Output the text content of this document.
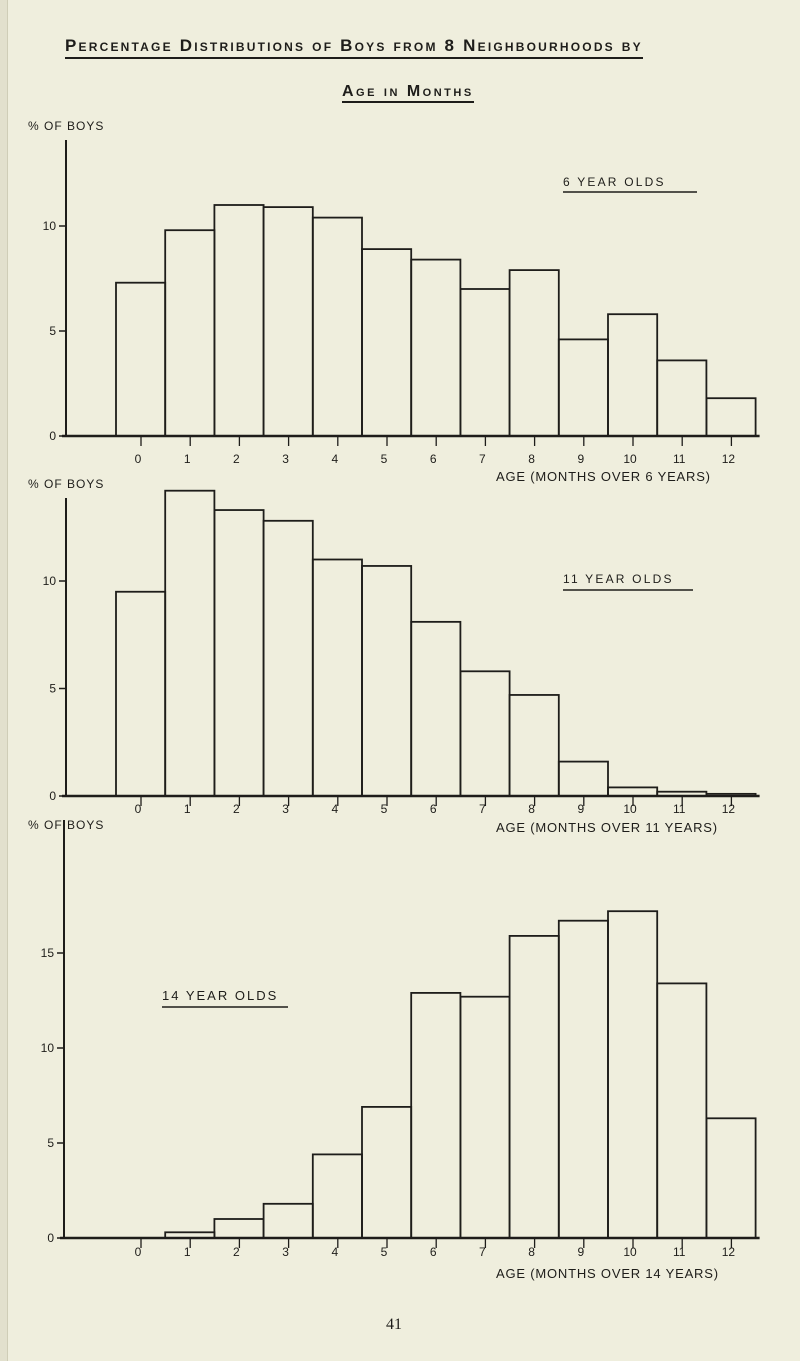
Percentage Distributions of Boys from 8 Neighbourhoods by
Age in Months
% OF BOYS
6 YEAR OLDS
AGE (MONTHS OVER 6 YEARS)
0
5
10
0	1	2	3	4	5	6	7	8	9	10	11	12
% OF BOYS
11 YEAR OLDS
AGE (MONTHS OVER 11 YEARS)
0
5
10
0	1	2	3	4	5	6	7	8	9	10	11	12
% OF BOYS
14 YEAR OLDS
AGE (MONTHS OVER 14 YEARS)
0
5
10
15
0	1	2	3	4	5	6	7	8	9	10	11	12
41
